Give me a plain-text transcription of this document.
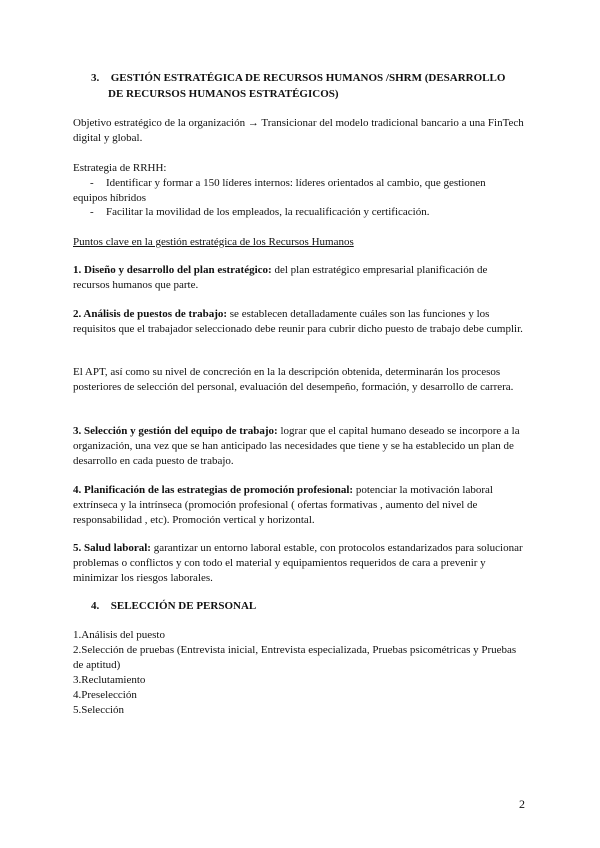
3. GESTIÓN ESTRATÉGICA DE RECURSOS HUMANOS /SHRM (DESARROLLO
DE RECURSOS HUMANOS ESTRATÉGICOS)

Objetivo estratégico de la organización → Transicionar del modelo tradicional bancario a una FinTech digital y global.

Estrategia de RRHH:

-	Identificar y formar a 150 líderes internos: líderes orientados al cambio, que gestionen
equipos híbridos
-	Facilitar la movilidad de los empleados, la recualificación y certificación.

Puntos clave en la gestión estratégica de los Recursos Humanos

1. Diseño y desarrollo del plan estratégico: del plan estratégico empresarial planificación de recursos humanos que parte.

2. Análisis de puestos de trabajo: se establecen detalladamente cuáles son las funciones y los requisitos que el trabajador seleccionado debe reunir para cubrir dicho puesto de trabajo debe cumplir.

El APT, así como su nivel de concreción en la la descripción obtenida, determinarán los procesos posteriores de selección del personal, evaluación del desempeño, formación, y desarrollo de carrera.

3. Selección y gestión del equipo de trabajo: lograr que el capital humano deseado se incorpore a la organización, una vez que se han anticipado las necesidades que tiene y se ha establecido un plan de desarrollo en cada puesto de trabajo.

4. Planificación de las estrategias de promoción profesional: potenciar la motivación laboral extrínseca y la intrínseca (promoción profesional ( ofertas formativas , aumento del nivel de responsabilidad , etc). Promoción vertical y horizontal.

5. Salud laboral: garantizar un entorno laboral estable, con protocolos estandarizados para solucionar problemas o conflictos y con todo el material y equipamientos requeridos de cara a prevenir y minimizar los riesgos laborales.

4. SELECCIÓN DE PERSONAL
1.Análisis del puesto
2.Selección de pruebas (Entrevista inicial, Entrevista especializada, Pruebas psicométricas y Pruebas de aptitud)
3.Reclutamiento
4.Preselección
5.Selección
2
